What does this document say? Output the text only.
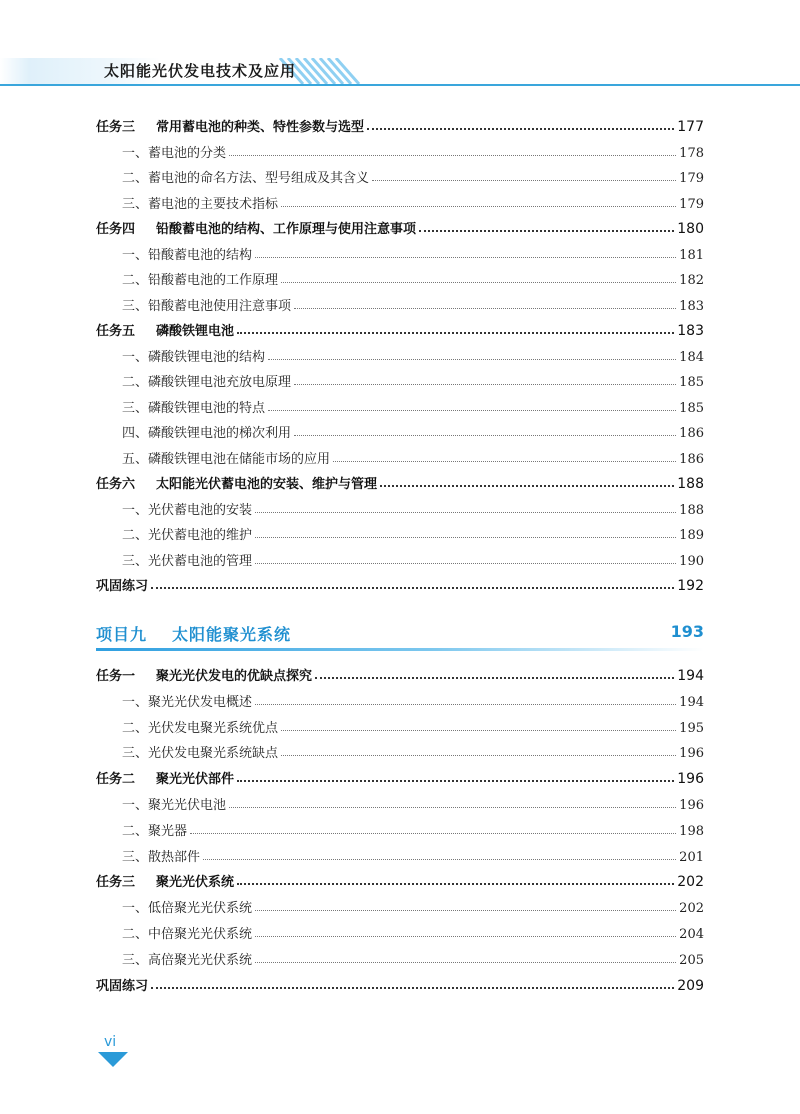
太阳能光伏发电技术及应用
任务三 常用蓄电池的种类、特性参数与选型	177
一、蓄电池的分类	178
二、蓄电池的命名方法、型号组成及其含义	179
三、蓄电池的主要技术指标	179
任务四 铅酸蓄电池的结构、工作原理与使用注意事项	180
一、铅酸蓄电池的结构	181
二、铅酸蓄电池的工作原理	182
三、铅酸蓄电池使用注意事项	183
任务五 磷酸铁锂电池	183
一、磷酸铁锂电池的结构	184
二、磷酸铁锂电池充放电原理	185
三、磷酸铁锂电池的特点	185
四、磷酸铁锂电池的梯次利用	186
五、磷酸铁锂电池在储能市场的应用	186
任务六 太阳能光伏蓄电池的安装、维护与管理	188
一、光伏蓄电池的安装	188
二、光伏蓄电池的维护	189
三、光伏蓄电池的管理	190
巩固练习	192
项目九 太阳能聚光系统	193
任务一 聚光光伏发电的优缺点探究	194
一、聚光光伏发电概述	194
二、光伏发电聚光系统优点	195
三、光伏发电聚光系统缺点	196
任务二 聚光光伏部件	196
一、聚光光伏电池	196
二、聚光器	198
三、散热部件	201
任务三 聚光光伏系统	202
一、低倍聚光光伏系统	202
二、中倍聚光光伏系统	204
三、高倍聚光光伏系统	205
巩固练习	209
vi
